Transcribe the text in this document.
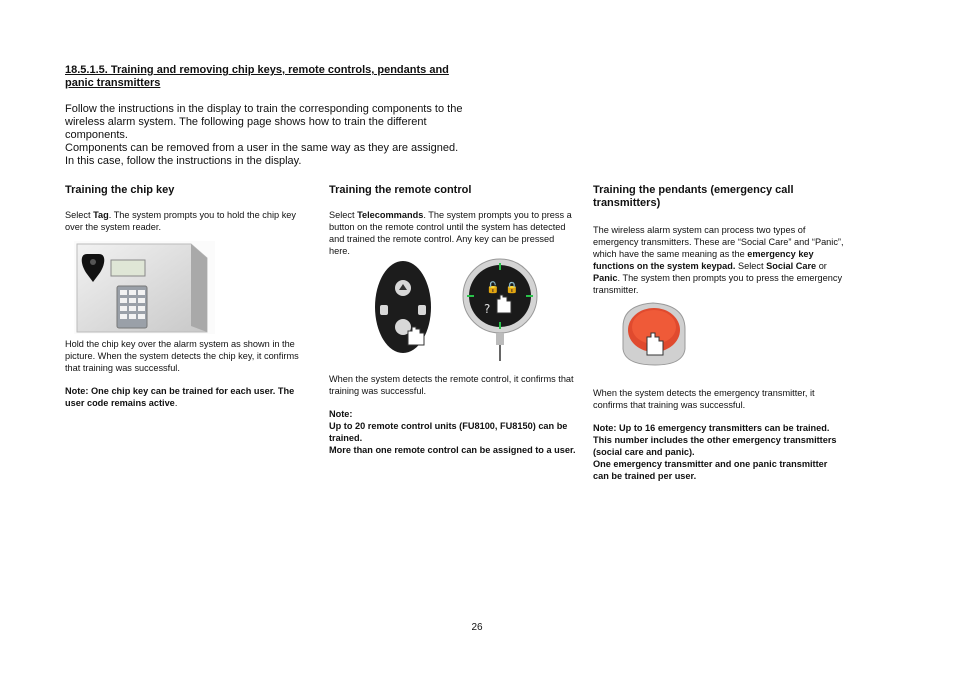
18.5.1.5. Training and removing chip keys, remote controls, pendants and panic transmitters

Follow the instructions in the display to train the corresponding components to the wireless alarm system. The following page shows how to train the different components.

Components can be removed from a user in the same way as they are assigned. In this case, follow the instructions in the display.

Training the chip key

Select Tag. The system prompts you to hold the chip key over the system reader.

Hold the chip key over the alarm system as shown in the picture. When the system detects the chip key, it confirms that training was successful.

Note: One chip key can be trained for each user. The user code remains active.

Training the remote control

Select Telecommands. The system prompts you to press a button on the remote control until the system has detected and trained the remote control. Any key can be pressed here.

🔓 🔒
?

When the system detects the remote control, it confirms that training was successful.

Note:

Up to 20 remote control units (FU8100, FU8150) can be trained.

More than one remote control can be assigned to a user.

Training the pendants (emergency call transmitters)

The wireless alarm system can process two types of emergency transmitters. These are “Social Care” and “Panic”, which have the same meaning as the emergency key functions on the system keypad. Select Social Care or Panic. The system then prompts you to press the emergency transmitter.

When the system detects the emergency transmitter, it confirms that training was successful.

Note: Up to 16 emergency transmitters can be trained. This number includes the other emergency transmitters (social care and panic).

One emergency transmitter and one panic transmitter can be trained per user.

26
